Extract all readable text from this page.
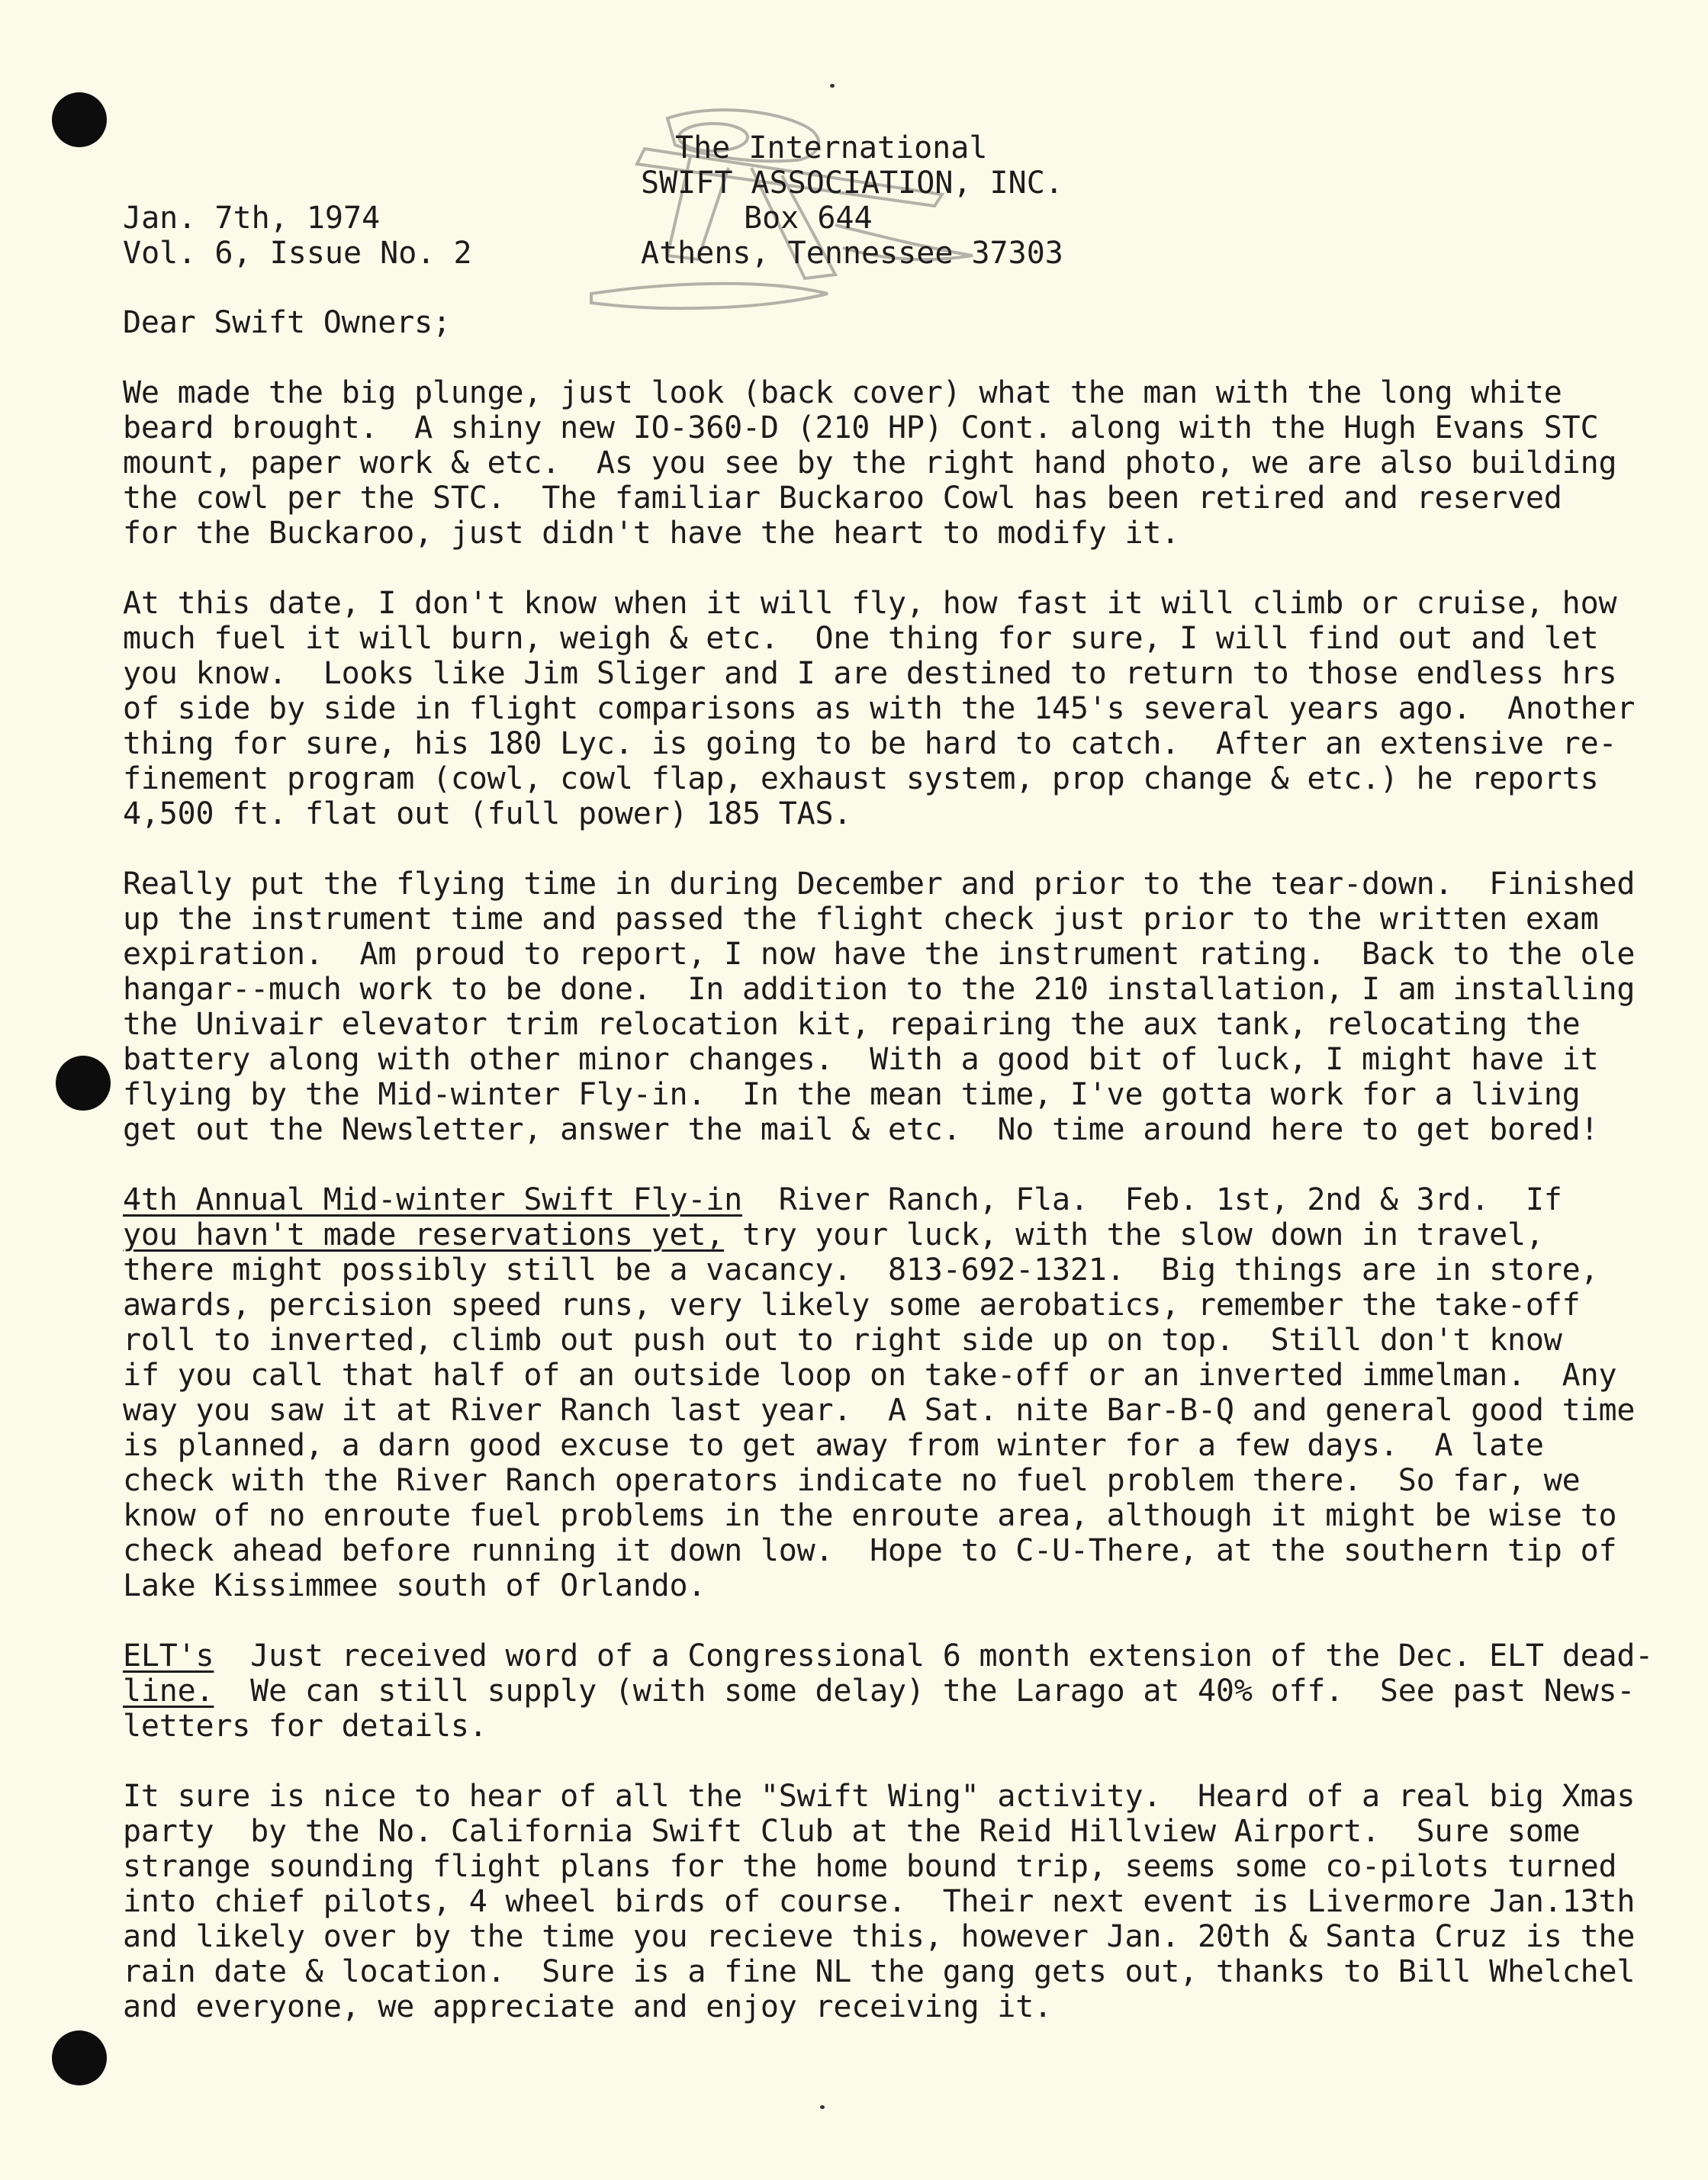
The International
SWIFT ASSOCIATION, INC.
Box 644
Athens, Tennessee 37303
Jan. 7th, 1974
Vol. 6, Issue No. 2
Dear Swift Owners;
We made the big plunge, just look (back cover) what the man with the long white
beard brought.  A shiny new IO-360-D (210 HP) Cont. along with the Hugh Evans STC
mount, paper work & etc.  As you see by the right hand photo, we are also building
the cowl per the STC.  The familiar Buckaroo Cowl has been retired and reserved
for the Buckaroo, just didn't have the heart to modify it.
At this date, I don't know when it will fly, how fast it will climb or cruise, how
much fuel it will burn, weigh & etc.  One thing for sure, I will find out and let
you know.  Looks like Jim Sliger and I are destined to return to those endless hrs
of side by side in flight comparisons as with the 145's several years ago.  Another
thing for sure, his 180 Lyc. is going to be hard to catch.  After an extensive re-
finement program (cowl, cowl flap, exhaust system, prop change & etc.) he reports
4,500 ft. flat out (full power) 185 TAS.
Really put the flying time in during December and prior to the tear-down.  Finished
up the instrument time and passed the flight check just prior to the written exam
expiration.  Am proud to report, I now have the instrument rating.  Back to the ole
hangar--much work to be done.  In addition to the 210 installation, I am installing
the Univair elevator trim relocation kit, repairing the aux tank, relocating the
battery along with other minor changes.  With a good bit of luck, I might have it
flying by the Mid-winter Fly-in.  In the mean time, I've gotta work for a living
get out the Newsletter, answer the mail & etc.  No time around here to get bored!
4th Annual Mid-winter Swift Fly-in  River Ranch, Fla.  Feb. 1st, 2nd & 3rd.  If
you havn't made reservations yet, try your luck, with the slow down in travel,
there might possibly still be a vacancy.  813-692-1321.  Big things are in store,
awards, percision speed runs, very likely some aerobatics, remember the take-off
roll to inverted, climb out push out to right side up on top.  Still don't know
if you call that half of an outside loop on take-off or an inverted immelman.  Any
way you saw it at River Ranch last year.  A Sat. nite Bar-B-Q and general good time
is planned, a darn good excuse to get away from winter for a few days.  A late
check with the River Ranch operators indicate no fuel problem there.  So far, we
know of no enroute fuel problems in the enroute area, although it might be wise to
check ahead before running it down low.  Hope to C-U-There, at the southern tip of
Lake Kissimmee south of Orlando.
ELT's  Just received word of a Congressional 6 month extension of the Dec. ELT dead-
line.  We can still supply (with some delay) the Larago at 40% off.  See past News-
letters for details.
It sure is nice to hear of all the "Swift Wing" activity.  Heard of a real big Xmas
party  by the No. California Swift Club at the Reid Hillview Airport.  Sure some
strange sounding flight plans for the home bound trip, seems some co-pilots turned
into chief pilots, 4 wheel birds of course.  Their next event is Livermore Jan.13th
and likely over by the time you recieve this, however Jan. 20th & Santa Cruz is the
rain date & location.  Sure is a fine NL the gang gets out, thanks to Bill Whelchel
and everyone, we appreciate and enjoy receiving it.
